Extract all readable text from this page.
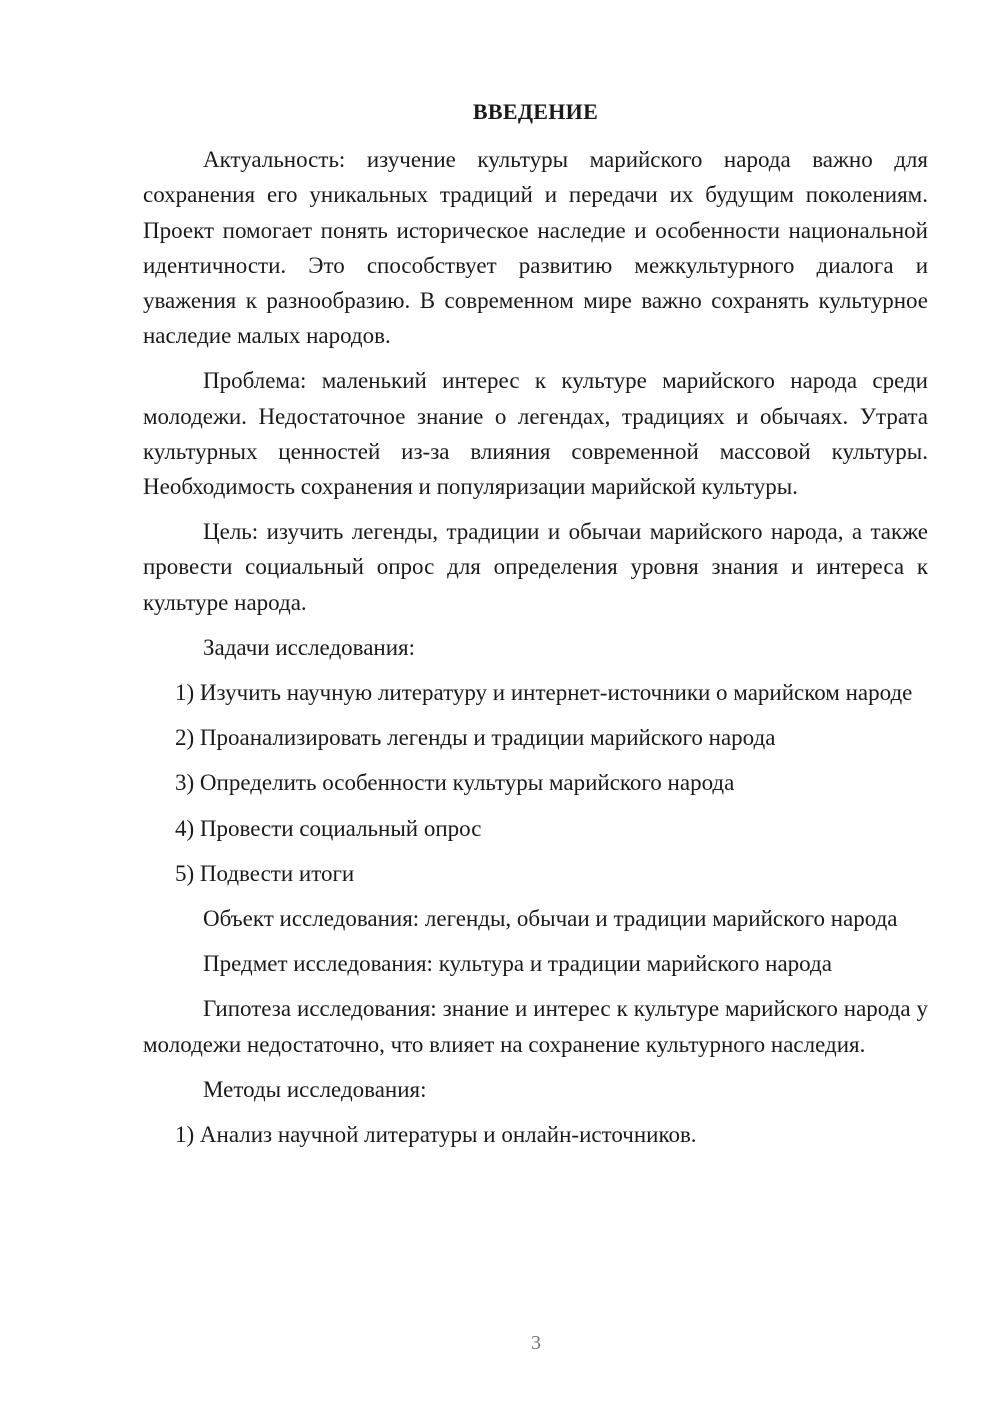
ВВЕДЕНИЕ

Актуальность: изучение культуры марийского народа важно для сохранения его уникальных традиций и передачи их будущим поколениям. Проект помогает понять историческое наследие и особенности национальной идентичности. Это способствует развитию межкультурного диалога и уважения к разнообразию. В современном мире важно сохранять культурное наследие малых народов.

Проблема: маленький интерес к культуре марийского народа среди молодежи. Недостаточное знание о легендах, традициях и обычаях. Утрата культурных ценностей из-за влияния современной массовой культуры. Необходимость сохранения и популяризации марийской культуры.

Цель: изучить легенды, традиции и обычаи марийского народа, а также провести социальный опрос для определения уровня знания и интереса к культуре народа.

Задачи исследования:

1) Изучить научную литературу и интернет-источники о марийском народе

2) Проанализировать легенды и традиции марийского народа

3) Определить особенности культуры марийского народа

4) Провести социальный опрос

5) Подвести итоги

Объект исследования: легенды, обычаи и традиции марийского народа

Предмет исследования: культура и традиции марийского народа

Гипотеза исследования: знание и интерес к культуре марийского народа у молодежи недостаточно, что влияет на сохранение культурного наследия.

Методы исследования:

1) Анализ научной литературы и онлайн-источников.

3
